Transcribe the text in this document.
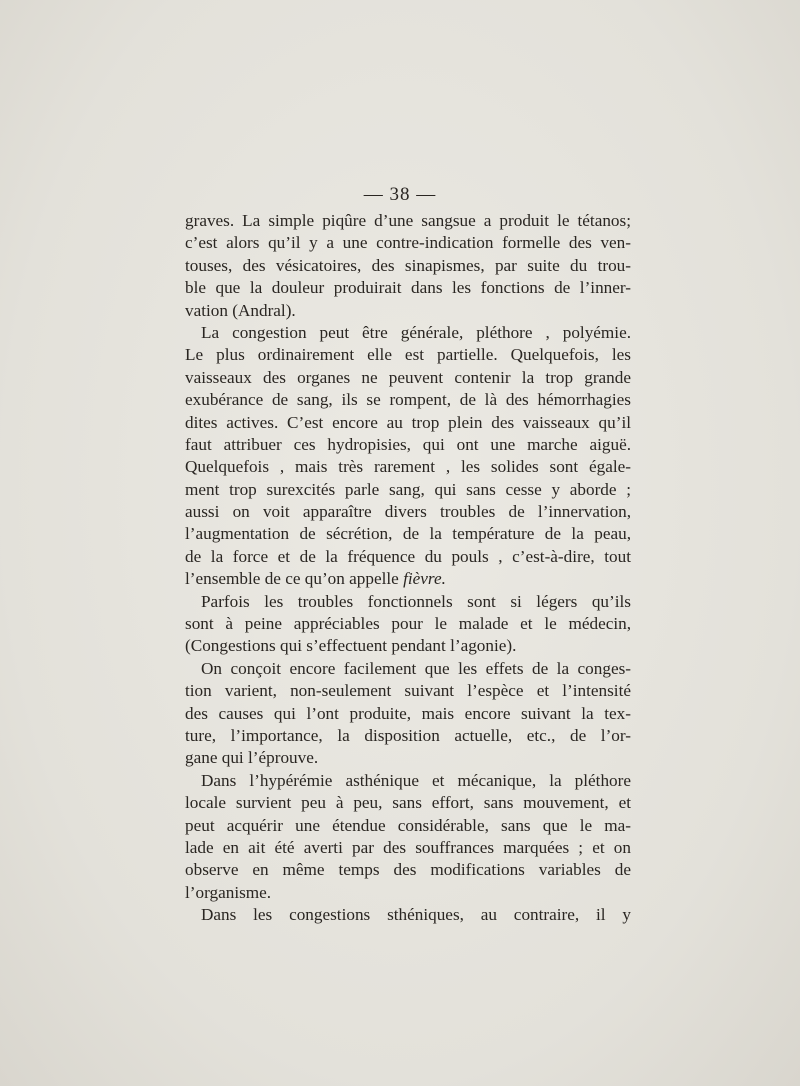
— 38 —
graves. La simple piqûre d’une sangsue a produit le tétanos;
c’est alors qu’il y a une contre-indication formelle des ven-
touses, des vésicatoires, des sinapismes, par suite du trou-
ble que la douleur produirait dans les fonctions de l’inner-
vation (Andral).
La congestion peut être générale, pléthore , polyémie.
Le plus ordinairement elle est partielle. Quelquefois, les
vaisseaux des organes ne peuvent contenir la trop grande
exubérance de sang, ils se rompent, de là des hémorrhagies
dites actives. C’est encore au trop plein des vaisseaux qu’il
faut attribuer ces hydropisies, qui ont une marche aiguë.
Quelquefois , mais très rarement , les solides sont égale-
ment trop surexcités parle sang, qui sans cesse y aborde ;
aussi on voit apparaître divers troubles de l’innervation,
l’augmentation de sécrétion, de la température de la peau,
de la force et de la fréquence du pouls , c’est-à-dire, tout
l’ensemble de ce qu’on appelle fièvre.
Parfois les troubles fonctionnels sont si légers qu’ils
sont à peine appréciables pour le malade et le médecin,
(Congestions qui s’effectuent pendant l’agonie).
On conçoit encore facilement que les effets de la conges-
tion varient, non-seulement suivant l’espèce et l’intensité
des causes qui l’ont produite, mais encore suivant la tex-
ture, l’importance, la disposition actuelle, etc., de l’or-
gane qui l’éprouve.
Dans l’hypérémie asthénique et mécanique, la pléthore
locale survient peu à peu, sans effort, sans mouvement, et
peut acquérir une étendue considérable, sans que le ma-
lade en ait été averti par des souffrances marquées ; et on
observe en même temps des modifications variables de
l’organisme.
Dans les congestions sthéniques, au contraire, il y
